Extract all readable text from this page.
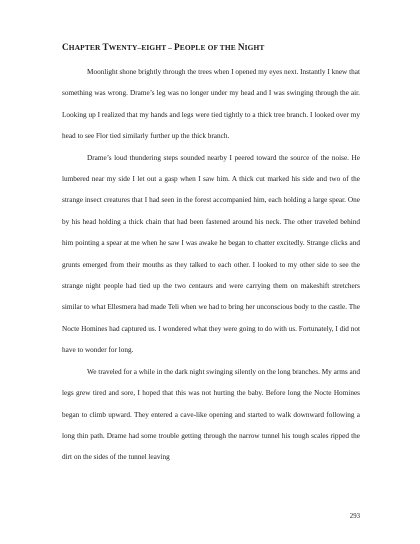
CHAPTER TWENTY–EIGHT – PEOPLE OF THE NIGHT

Moonlight shone brightly through the trees when I opened my eyes next. Instantly I knew that something was wrong. Drame’s leg was no longer under my head and I was swinging through the air. Looking up I realized that my hands and legs were tied tightly to a thick tree branch. I looked over my head to see Flor tied similarly further up the thick branch.

Drame’s loud thundering steps sounded nearby I peered toward the source of the noise. He lumbered near my side I let out a gasp when I saw him. A thick cut marked his side and two of the strange insect creatures that I had seen in the forest accompanied him, each holding a large spear. One by his head holding a thick chain that had been fastened around his neck. The other traveled behind him pointing a spear at me when he saw I was awake he began to chatter excitedly. Strange clicks and grunts emerged from their mouths as they talked to each other. I looked to my other side to see the strange night people had tied up the two centaurs and were carrying them on makeshift stretchers similar to what Ellesmera had made Teli when we had to bring her unconscious body to the castle. The Nocte Homines had captured us. I wondered what they were going to do with us. Fortunately, I did not have to wonder for long.

We traveled for a while in the dark night swinging silently on the long branches. My arms and legs grew tired and sore, I hoped that this was not hurting the baby. Before long the Nocte Homines began to climb upward. They entered a cave-like opening and started to walk downward following a long thin path. Drame had some trouble getting through the narrow tunnel his tough scales ripped the dirt on the sides of the tunnel leaving

293
